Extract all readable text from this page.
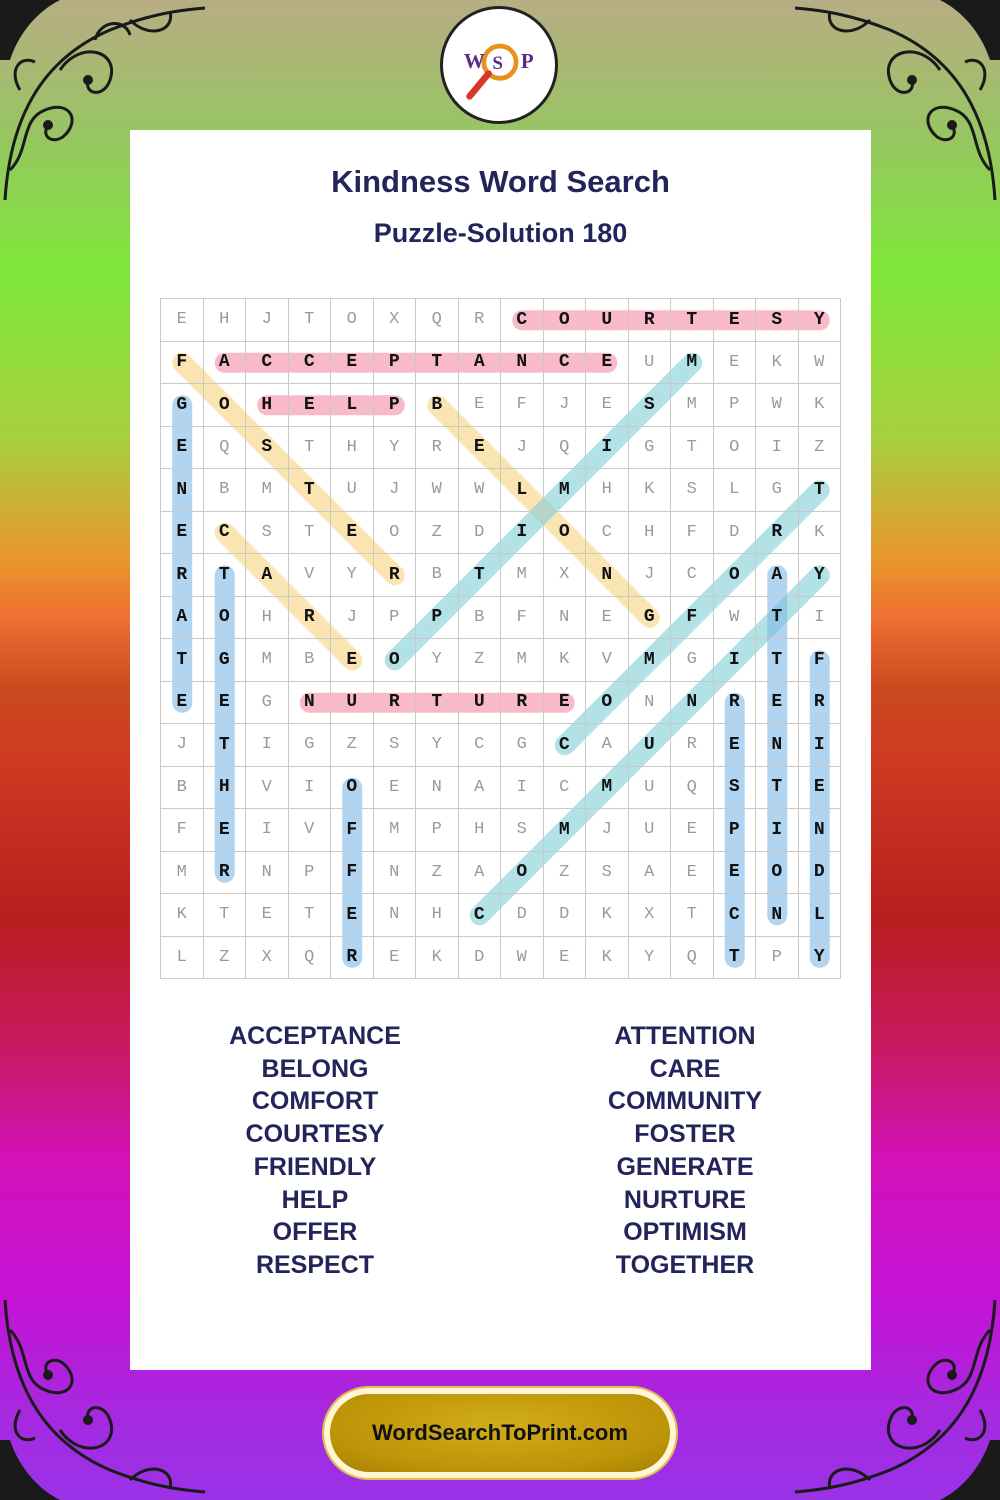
W S P
Kindness Word Search
Puzzle-Solution 180
E	H	J	T	O	X	Q	R	C	O	U	R	T	E	S	Y
F	A	C	C	E	P	T	A	N	C	E	U	M	E	K	W
G	O	H	E	L	P	B	E	F	J	E	S	M	P	W	K
E	Q	S	T	H	Y	R	E	J	Q	I	G	T	O	I	Z
N	B	M	T	U	J	W	W	L	M	H	K	S	L	G	T
E	C	S	T	E	O	Z	D	I	O	C	H	F	D	R	K
R	T	A	V	Y	R	B	T	M	X	N	J	C	O	A	Y
A	O	H	R	J	P	P	B	F	N	E	G	F	W	T	I
T	G	M	B	E	O	Y	Z	M	K	V	M	G	I	T	F
E	E	G	N	U	R	T	U	R	E	O	N	N	R	E	R
J	T	I	G	Z	S	Y	C	G	C	A	U	R	E	N	I
B	H	V	I	O	E	N	A	I	C	M	U	Q	S	T	E
F	E	I	V	F	M	P	H	S	M	J	U	E	P	I	N
M	R	N	P	F	N	Z	A	O	Z	S	A	E	E	O	D
K	T	E	T	E	N	H	C	D	D	K	X	T	C	N	L
L	Z	X	Q	R	E	K	D	W	E	K	Y	Q	T	P	Y
ACCEPTANCE
BELONG
COMFORT
COURTESY
FRIENDLY
HELP
OFFER
RESPECT
ATTENTION
CARE
COMMUNITY
FOSTER
GENERATE
NURTURE
OPTIMISM
TOGETHER
WordSearchToPrint.com
